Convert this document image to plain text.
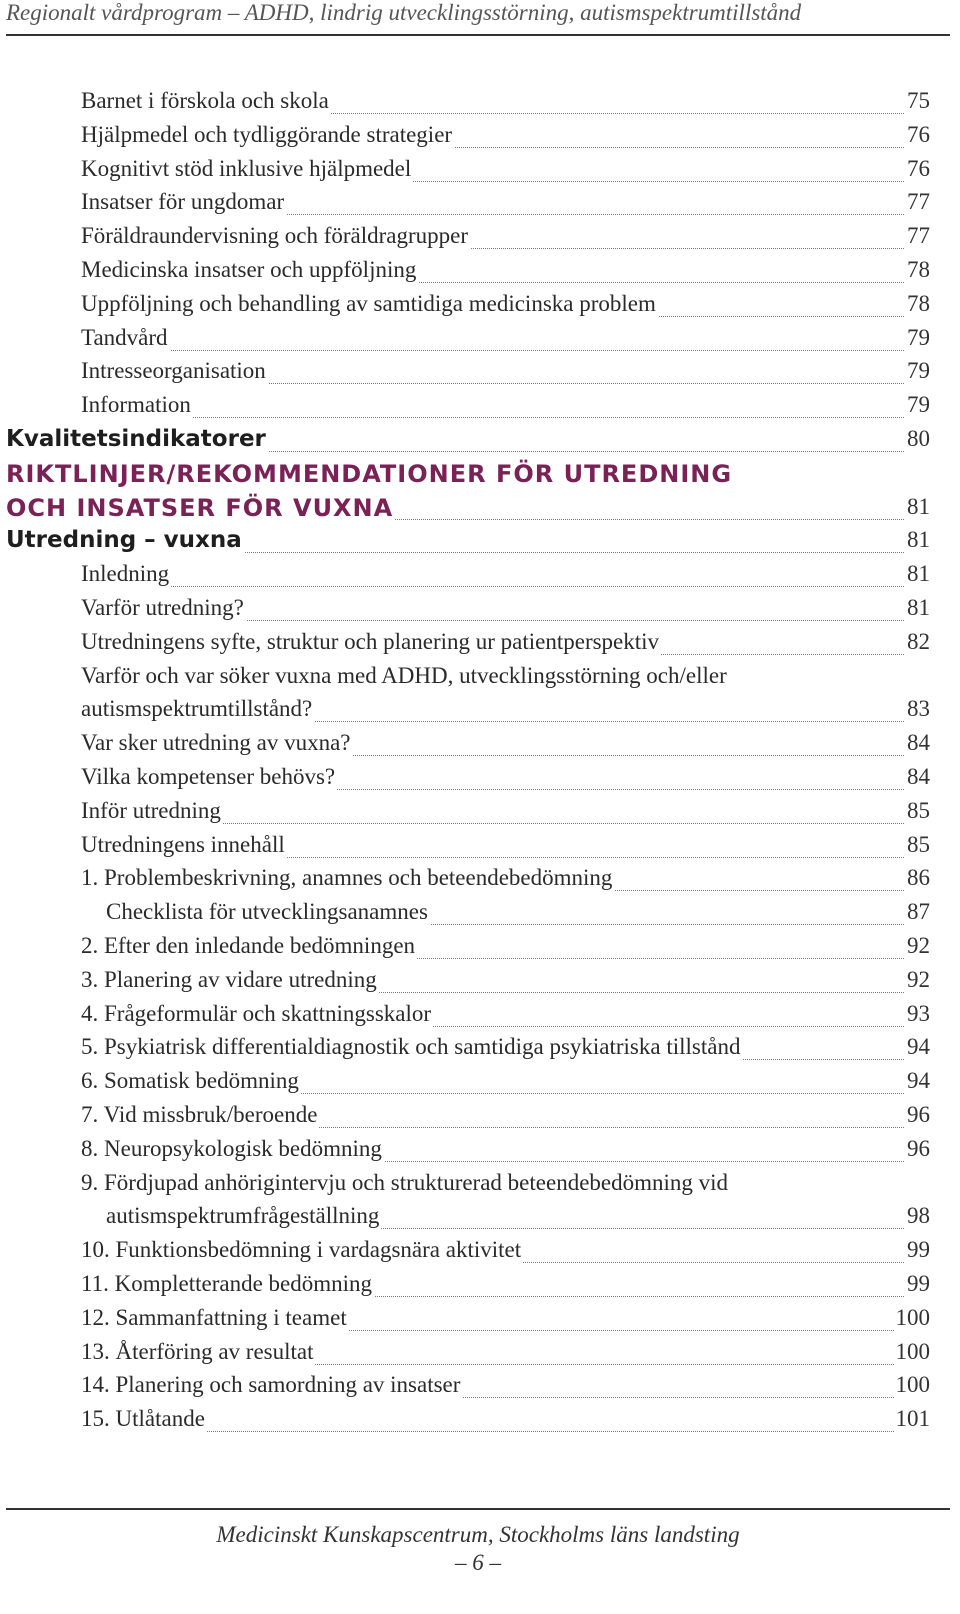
Regionalt vårdprogram – ADHD, lindrig utvecklingsstörning, autismspektrumtillstånd
Barnet i förskola och skola	75
Hjälpmedel och tydliggörande strategier	76
Kognitivt stöd inklusive hjälpmedel	76
Insatser för ungdomar	77
Föräldraundervisning och föräldragrupper	77
Medicinska insatser och uppföljning	78
Uppföljning och behandling av samtidiga medicinska problem	78
Tandvård	79
Intresseorganisation	79
Information	79
Kvalitetsindikatorer	80
RIKTLINJER/REKOMMENDATIONER FÖR UTREDNING
OCH INSATSER FÖR VUXNA	81
Utredning – vuxna	81
Inledning	81
Varför utredning?	81
Utredningens syfte, struktur och planering ur patientperspektiv	82
Varför och var söker vuxna med ADHD, utvecklingsstörning och/eller
autismspektrumtillstånd?	83
Var sker utredning av vuxna?	84
Vilka kompetenser behövs?	84
Inför utredning	85
Utredningens innehåll	85
1. Problembeskrivning, anamnes och beteendebedömning	86
Checklista för utvecklingsanamnes	87
2. Efter den inledande bedömningen	92
3. Planering av vidare utredning	92
4. Frågeformulär och skattningsskalor	93
5. Psykiatrisk differentialdiagnostik och samtidiga psykiatriska tillstånd	94
6. Somatisk bedömning	94
7. Vid missbruk/beroende	96
8. Neuropsykologisk bedömning	96
9. Fördjupad anhörigintervju och strukturerad beteendebedömning vid
autismspektrumfrågeställning	98
10. Funktionsbedömning i vardagsnära aktivitet	99
11. Kompletterande bedömning	99
12. Sammanfattning i teamet	100
13. Återföring av resultat	100
14. Planering och samordning av insatser	100
15. Utlåtande	101
Medicinskt Kunskapscentrum, Stockholms läns landsting
– 6 –
